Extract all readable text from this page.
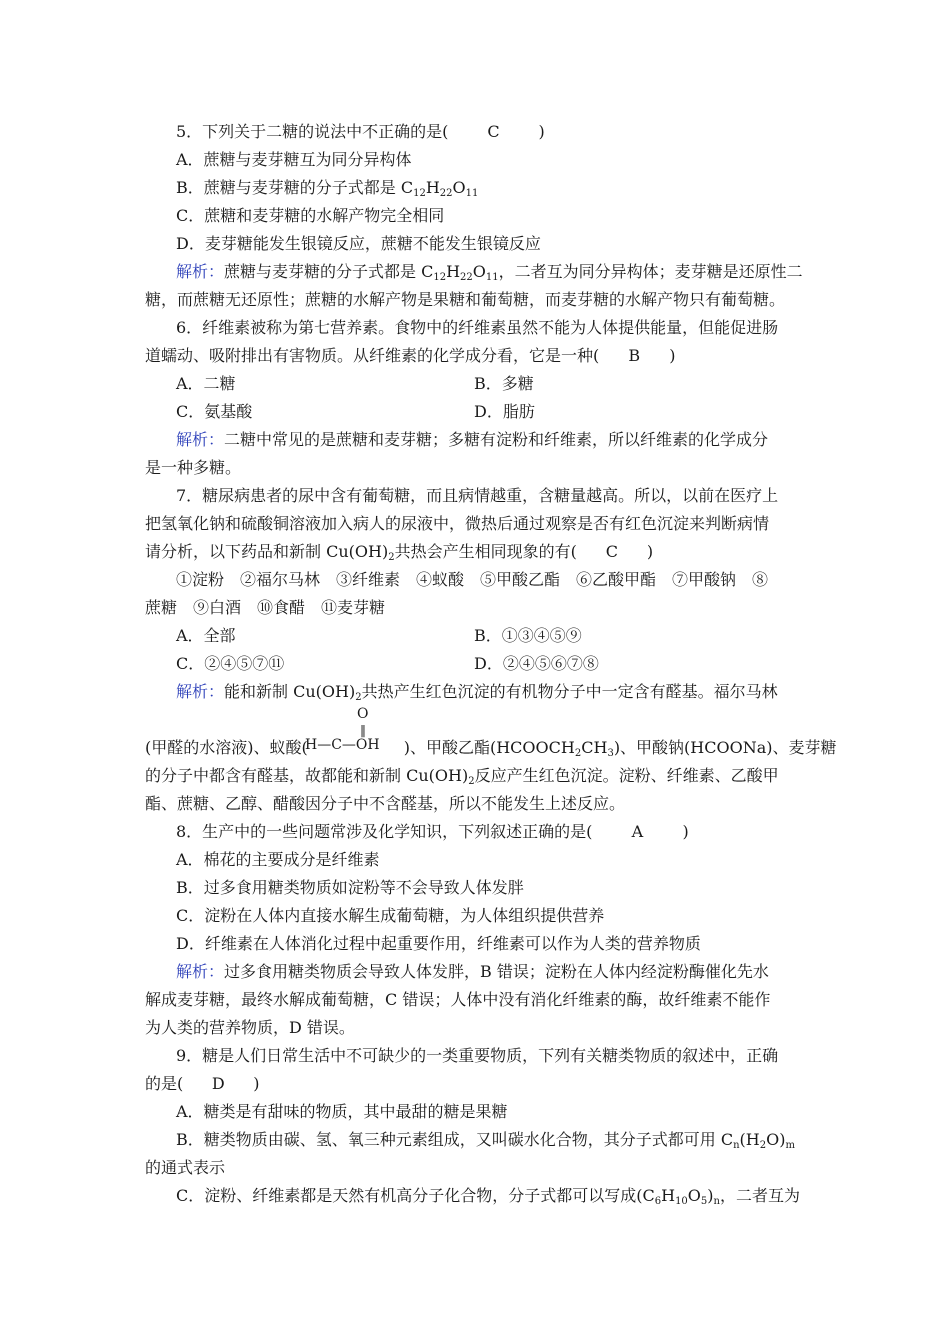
5．下列关于二糖的说法中不正确的是( C )
A．蔗糖与麦芽糖互为同分异构体
B．蔗糖与麦芽糖的分子式都是 $C_{12}H_{22}O_{11}$
C．蔗糖和麦芽糖的水解产物完全相同
D．麦芽糖能发生银镜反应，蔗糖不能发生银镜反应
解析：蔗糖与麦芽糖的分子式都是 $C_{12}H_{22}O_{11}$，二者互为同分异构体；麦芽糖是还原性二
糖，而蔗糖无还原性；蔗糖的水解产物是果糖和葡萄糖，而麦芽糖的水解产物只有葡萄糖。
6．纤维素被称为第七营养素。食物中的纤维素虽然不能为人体提供能量，但能促进肠
道蠕动、吸附排出有害物质。从纤维素的化学成分看，它是一种( B )
A．二糖	B．多糖
C．氨基酸	D．脂肪
解析：二糖中常见的是蔗糖和麦芽糖；多糖有淀粉和纤维素，所以纤维素的化学成分
是一种多糖。
7．糖尿病患者的尿中含有葡萄糖，而且病情越重，含糖量越高。所以，以前在医疗上
把氢氧化钠和硫酸铜溶液加入病人的尿液中，微热后通过观察是否有红色沉淀来判断病情
请分析，以下药品和新制 $Cu(OH)_2$共热会产生相同现象的有( C )
①淀粉　②福尔马林　③纤维素　④蚁酸　⑤甲酸乙酯　⑥乙酸甲酯　⑦甲酸钠　⑧
蔗糖　⑨白酒　⑩食醋　⑪麦芽糖
A．全部	B．①③④⑤⑨
C．②④⑤⑦⑪	D．②④⑤⑥⑦⑧
解析：能和新制 $Cu(OH)_2$共热产生红色沉淀的有机物分子中一定含有醛基。福尔马林
O
‖
H—C—OH
(甲醛的水溶液)、蚁酸(	)、甲酸乙酯$(HCOOCH_2CH_3)$、甲酸钠(HCOONa)、麦芽糖
的分子中都含有醛基，故都能和新制 $Cu(OH)_2$反应产生红色沉淀。淀粉、纤维素、乙酸甲
酯、蔗糖、乙醇、醋酸因分子中不含醛基，所以不能发生上述反应。
8．生产中的一些问题常涉及化学知识，下列叙述正确的是( A )
A．棉花的主要成分是纤维素
B．过多食用糖类物质如淀粉等不会导致人体发胖
C．淀粉在人体内直接水解生成葡萄糖，为人体组织提供营养
D．纤维素在人体消化过程中起重要作用，纤维素可以作为人类的营养物质
解析：过多食用糖类物质会导致人体发胖，B 错误；淀粉在人体内经淀粉酶催化先水
解成麦芽糖，最终水解成葡萄糖，C 错误；人体中没有消化纤维素的酶，故纤维素不能作
为人类的营养物质，D 错误。
9．糖是人们日常生活中不可缺少的一类重要物质，下列有关糖类物质的叙述中，正确
的是( D )
A．糖类是有甜味的物质，其中最甜的糖是果糖
B．糖类物质由碳、氢、氧三种元素组成，又叫碳水化合物，其分子式都可用 $C_n(H_2O)_m$
的通式表示
C．淀粉、纤维素都是天然有机高分子化合物，分子式都可以写成$(C_6H_{10}O_5)_n$，二者互为
